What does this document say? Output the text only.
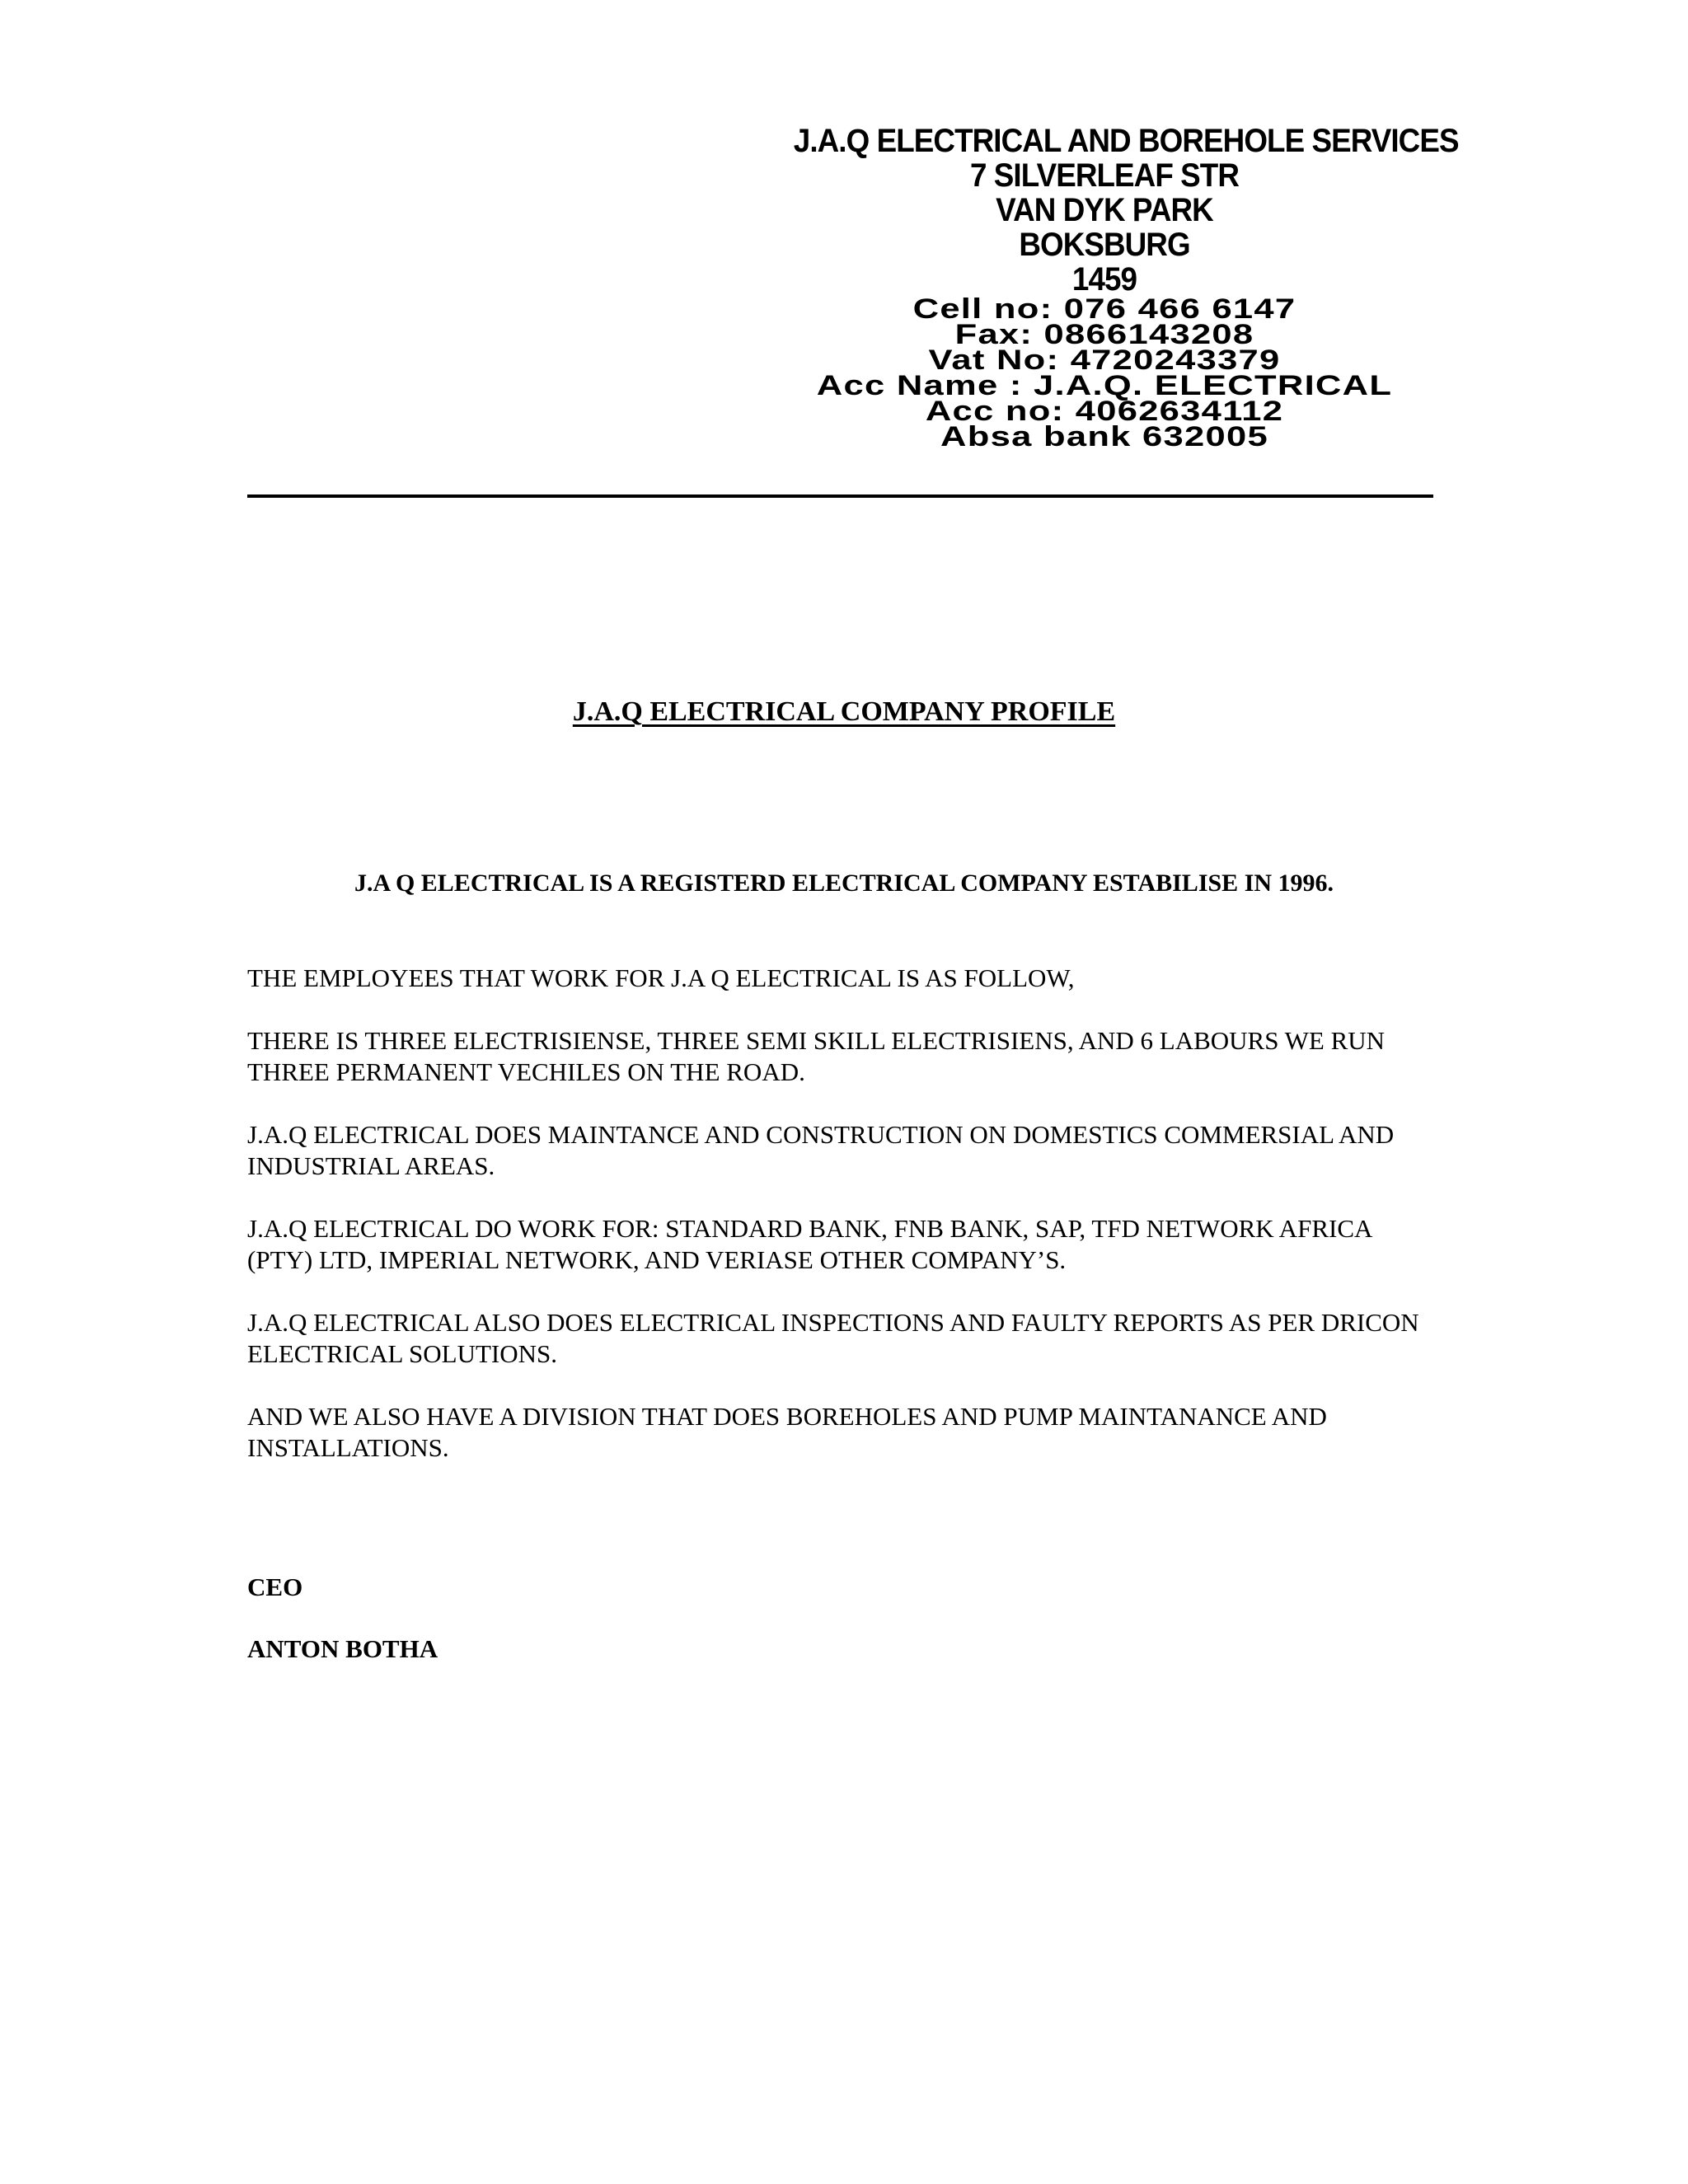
J.A.Q ELECTRICAL AND BOREHOLE SERVICES

7 SILVERLEAF STR

VAN DYK PARK

BOKSBURG

1459

Cell no: 076 466 6147

Fax: 0866143208

Vat No: 4720243379

Acc Name : J.A.Q. ELECTRICAL

Acc no: 4062634112

Absa bank 632005

J.A.Q ELECTRICAL COMPANY PROFILE

J.A Q ELECTRICAL IS A REGISTERD ELECTRICAL COMPANY ESTABILISE IN 1996.

THE EMPLOYEES THAT WORK FOR J.A Q ELECTRICAL IS AS FOLLOW,

THERE IS THREE ELECTRISIENSE, THREE SEMI SKILL ELECTRISIENS, AND 6 LABOURS WE RUN THREE PERMANENT VECHILES ON THE ROAD.

J.A.Q ELECTRICAL DOES MAINTANCE AND CONSTRUCTION ON DOMESTICS COMMERSIAL AND INDUSTRIAL AREAS.

J.A.Q ELECTRICAL DO WORK FOR: STANDARD BANK, FNB BANK, SAP, TFD NETWORK AFRICA (PTY) LTD, IMPERIAL NETWORK, AND VERIASE OTHER COMPANY’S.

J.A.Q ELECTRICAL ALSO DOES ELECTRICAL INSPECTIONS AND FAULTY REPORTS AS PER DRICON ELECTRICAL SOLUTIONS.

AND WE ALSO HAVE A DIVISION THAT DOES BOREHOLES AND PUMP MAINTANANCE AND INSTALLATIONS.

CEO

ANTON BOTHA
